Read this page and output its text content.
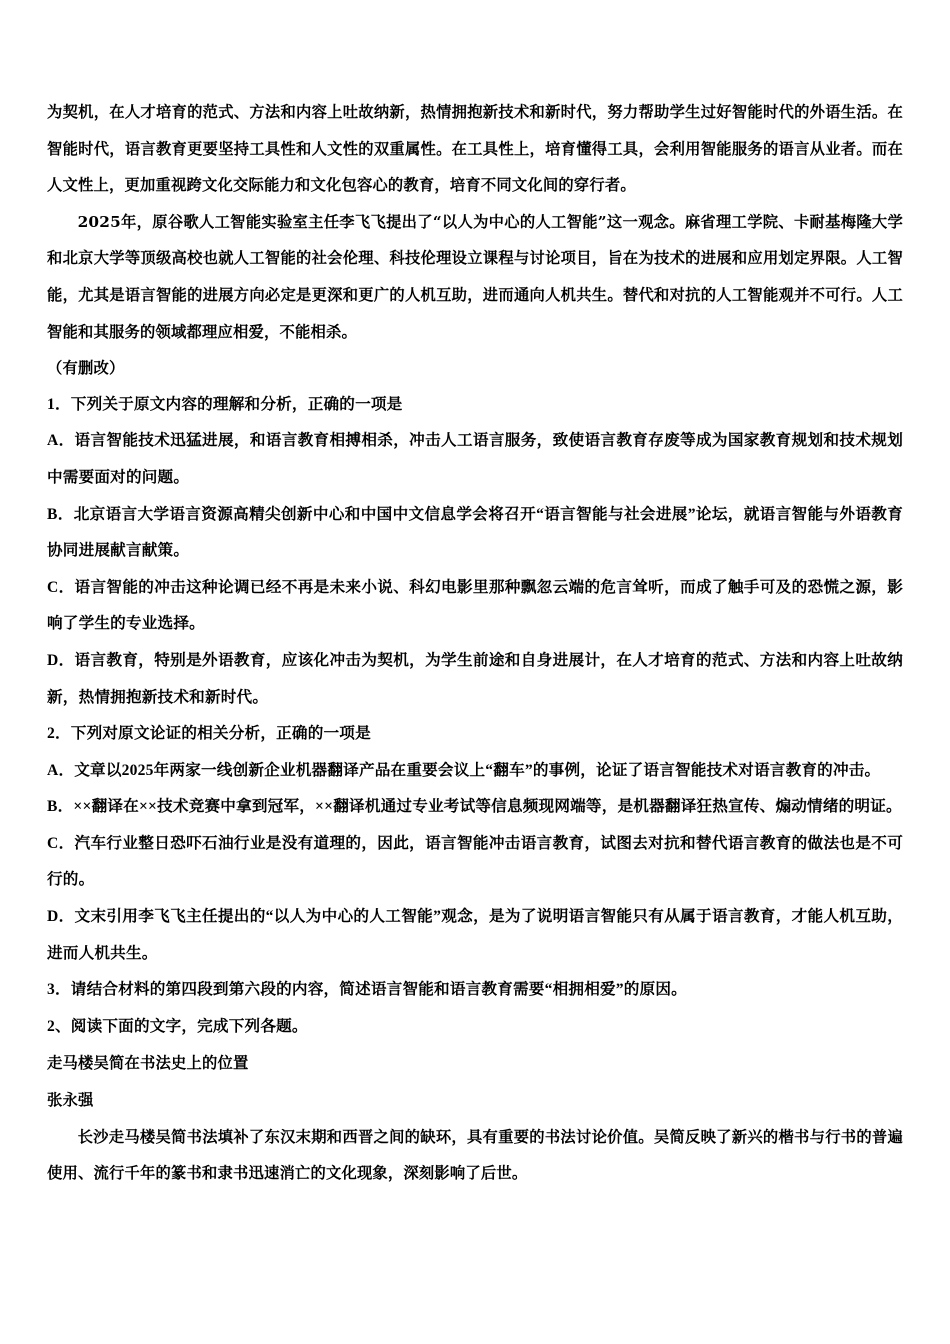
为契机，在人才培育的范式、方法和内容上吐故纳新，热情拥抱新技术和新时代，努力帮助学生过好智能时代的外语生活。在智能时代，语言教育更要坚持工具性和人文性的双重属性。在工具性上，培育懂得工具，会利用智能服务的语言从业者。而在人文性上，更加重视跨文化交际能力和文化包容心的教育，培育不同文化间的穿行者。

2025年，原谷歌人工智能实验室主任李飞飞提出了“以人为中心的人工智能”这一观念。麻省理工学院、卡耐基梅隆大学和北京大学等顶级高校也就人工智能的社会伦理、科技伦理设立课程与讨论项目，旨在为技术的进展和应用划定界限。人工智能，尤其是语言智能的进展方向必定是更深和更广的人机互助，进而通向人机共生。替代和对抗的人工智能观并不可行。人工智能和其服务的领域都理应相爱，不能相杀。

（有删改）

1．下列关于原文内容的理解和分析，正确的一项是

A．语言智能技术迅猛进展，和语言教育相搏相杀，冲击人工语言服务，致使语言教育存废等成为国家教育规划和技术规划中需要面对的问题。

B．北京语言大学语言资源高精尖创新中心和中国中文信息学会将召开“语言智能与社会进展”论坛，就语言智能与外语教育协同进展献言献策。

C．语言智能的冲击这种论调已经不再是未来小说、科幻电影里那种飘忽云端的危言耸听，而成了触手可及的恐慌之源，影响了学生的专业选择。

D．语言教育，特别是外语教育，应该化冲击为契机，为学生前途和自身进展计，在人才培育的范式、方法和内容上吐故纳新，热情拥抱新技术和新时代。

2．下列对原文论证的相关分析，正确的一项是

A．文章以2025年两家一线创新企业机器翻译产品在重要会议上“翻车”的事例，论证了语言智能技术对语言教育的冲击。

B．××翻译在××技术竞赛中拿到冠军，××翻译机通过专业考试等信息频现网端等，是机器翻译狂热宣传、煽动情绪的明证。

C．汽车行业整日恐吓石油行业是没有道理的，因此，语言智能冲击语言教育，试图去对抗和替代语言教育的做法也是不可行的。

D．文末引用李飞飞主任提出的“以人为中心的人工智能”观念，是为了说明语言智能只有从属于语言教育，才能人机互助，进而人机共生。

3．请结合材料的第四段到第六段的内容，简述语言智能和语言教育需要“相拥相爱”的原因。

2、阅读下面的文字，完成下列各题。

走马楼吴简在书法史上的位置

张永强

长沙走马楼吴简书法填补了东汉末期和西晋之间的缺环，具有重要的书法讨论价值。吴简反映了新兴的楷书与行书的普遍使用、流行千年的篆书和隶书迅速消亡的文化现象，深刻影响了后世。
